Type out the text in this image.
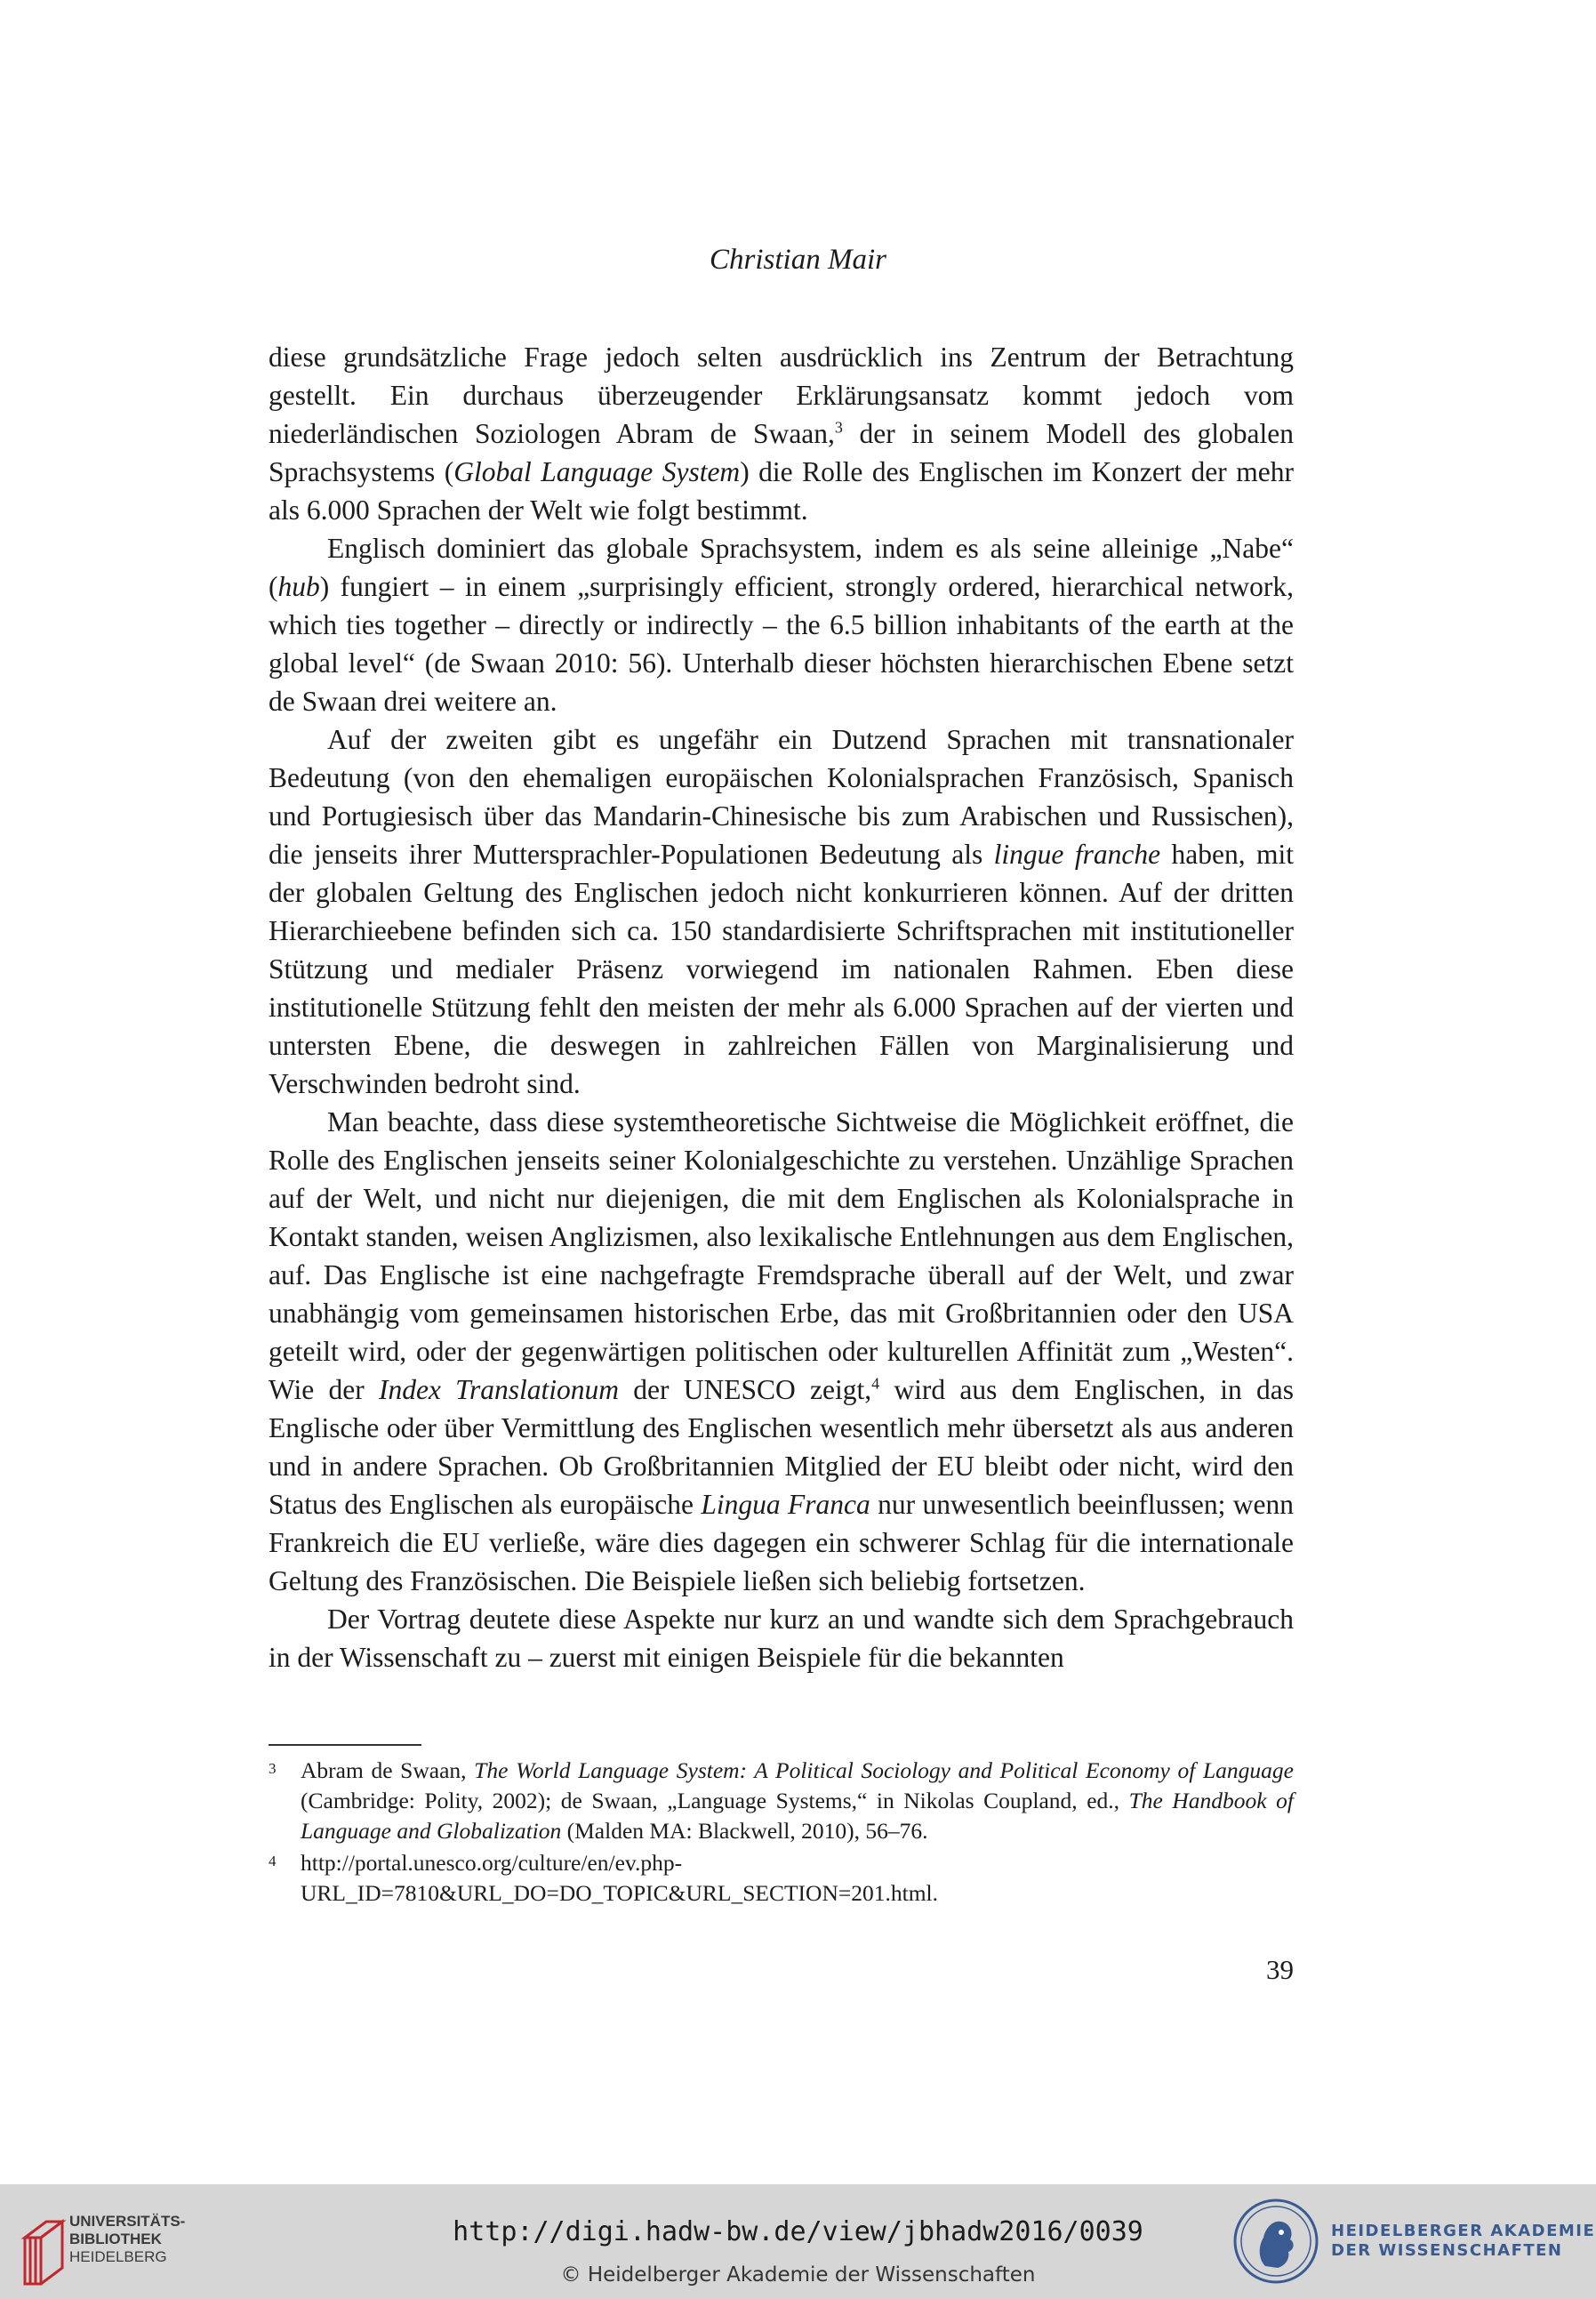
Christian Mair

diese grundsätzliche Frage jedoch selten ausdrücklich ins Zentrum der Betrachtung gestellt. Ein durchaus überzeugender Erklärungsansatz kommt jedoch vom niederländischen Soziologen Abram de Swaan,$^3$ der in seinem Modell des globalen Sprachsystems (Global Language System) die Rolle des Englischen im Konzert der mehr als 6.000 Sprachen der Welt wie folgt bestimmt.

Englisch dominiert das globale Sprachsystem, indem es als seine alleinige „Nabe“ (hub) fungiert – in einem „surprisingly efficient, strongly ordered, hierarchical network, which ties together – directly or indirectly – the 6.5 billion inhabitants of the earth at the global level“ (de Swaan 2010: 56). Unterhalb dieser höchsten hierarchischen Ebene setzt de Swaan drei weitere an.

Auf der zweiten gibt es ungefähr ein Dutzend Sprachen mit transnationaler Bedeutung (von den ehemaligen europäischen Kolonialsprachen Französisch, Spanisch und Portugiesisch über das Mandarin-Chinesische bis zum Arabischen und Russischen), die jenseits ihrer Muttersprachler-Populationen Bedeutung als lingue franche haben, mit der globalen Geltung des Englischen jedoch nicht konkurrieren können. Auf der dritten Hierarchieebene befinden sich ca. 150 standardisierte Schriftsprachen mit institutioneller Stützung und medialer Präsenz vorwiegend im nationalen Rahmen. Eben diese institutionelle Stützung fehlt den meisten der mehr als 6.000 Sprachen auf der vierten und untersten Ebene, die deswegen in zahlreichen Fällen von Marginalisierung und Verschwinden bedroht sind.

Man beachte, dass diese systemtheoretische Sichtweise die Möglichkeit eröffnet, die Rolle des Englischen jenseits seiner Kolonialgeschichte zu verstehen. Unzählige Sprachen auf der Welt, und nicht nur diejenigen, die mit dem Englischen als Kolonialsprache in Kontakt standen, weisen Anglizismen, also lexikalische Entlehnungen aus dem Englischen, auf. Das Englische ist eine nachgefragte Fremdsprache überall auf der Welt, und zwar unabhängig vom gemeinsamen historischen Erbe, das mit Großbritannien oder den USA geteilt wird, oder der gegenwärtigen politischen oder kulturellen Affinität zum „Westen“. Wie der Index Translationum der UNESCO zeigt,$^4$ wird aus dem Englischen, in das Englische oder über Vermittlung des Englischen wesentlich mehr übersetzt als aus anderen und in andere Sprachen. Ob Großbritannien Mitglied der EU bleibt oder nicht, wird den Status des Englischen als europäische Lingua Franca nur unwesentlich beeinflussen; wenn Frankreich die EU verließe, wäre dies dagegen ein schwerer Schlag für die internationale Geltung des Französischen. Die Beispiele ließen sich beliebig fortsetzen.

Der Vortrag deutete diese Aspekte nur kurz an und wandte sich dem Sprachgebrauch in der Wissenschaft zu – zuerst mit einigen Beispiele für die bekannten

3 Abram de Swaan, The World Language System: A Political Sociology and Political Economy of Language (Cambridge: Polity, 2002); de Swaan, „Language Systems,“ in Nikolas Coupland, ed., The Handbook of Language and Globalization (Malden MA: Blackwell, 2010), 56–76.
4 http://portal.unesco.org/culture/en/ev.php-URL_ID=7810&URL_DO=DO_TOPIC&URL_SECTION=201.html.
39
UNIVERSITÄTS-
BIBLIOTHEK
HEIDELBERG
http://digi.hadw-bw.de/view/jbhadw2016/0039
© Heidelberger Akademie der Wissenschaften
HEIDELBERGER AKADEMIE
DER WISSENSCHAFTEN
